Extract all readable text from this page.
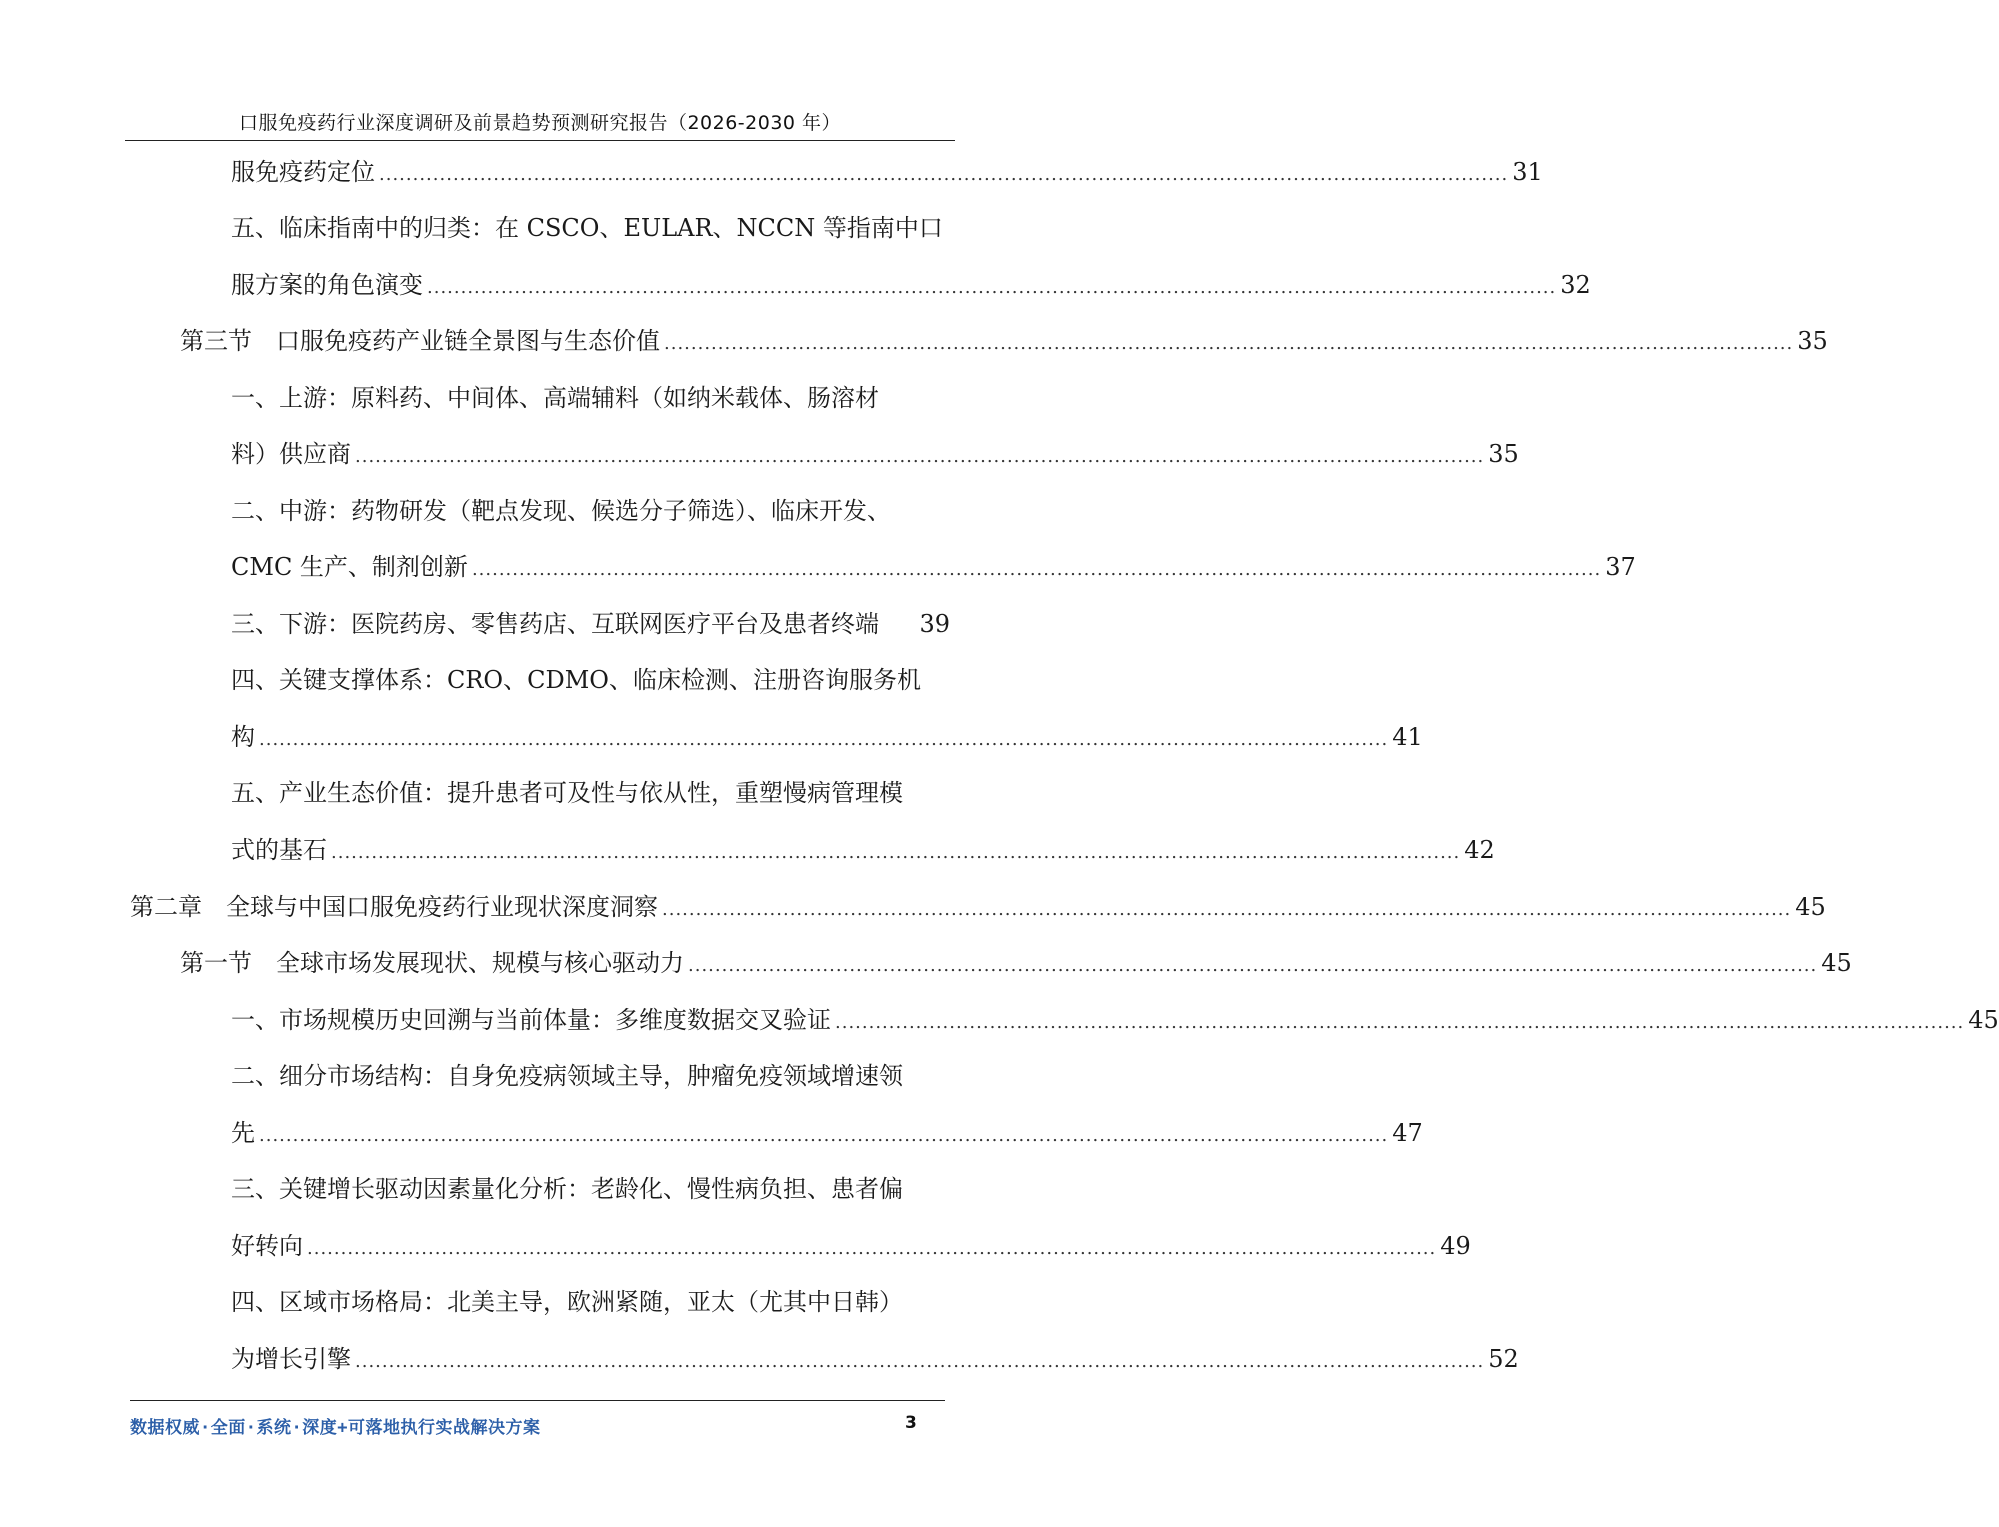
口服免疫药行业深度调研及前景趋势预测研究报告（2026-2030 年）
服免疫药定位 ........................................................................................................................................................................ 31
五、临床指南中的归类：在 CSCO、EULAR、NCCN 等指南中口
服方案的角色演变 ........................................................................................................................................................................ 32
第三节　口服免疫药产业链全景图与生态价值 ........................................................................................................................................................................ 35
一、上游：原料药、中间体、高端辅料（如纳米载体、肠溶材
料）供应商 ........................................................................................................................................................................ 35
二、中游：药物研发（靶点发现、候选分子筛选）、临床开发、
CMC 生产、制剂创新 ........................................................................................................................................................................ 37
三、下游：医院药房、零售药店、互联网医疗平台及患者终端 39
四、关键支撑体系：CRO、CDMO、临床检测、注册咨询服务机
构 ........................................................................................................................................................................ 41
五、产业生态价值：提升患者可及性与依从性，重塑慢病管理模
式的基石 ........................................................................................................................................................................ 42
第二章　全球与中国口服免疫药行业现状深度洞察 ........................................................................................................................................................................ 45
第一节　全球市场发展现状、规模与核心驱动力 ........................................................................................................................................................................ 45
一、市场规模历史回溯与当前体量：多维度数据交叉验证 ........................................................................................................................................................................ 45
二、细分市场结构：自身免疫病领域主导，肿瘤免疫领域增速领
先 ........................................................................................................................................................................ 47
三、关键增长驱动因素量化分析：老龄化、慢性病负担、患者偏
好转向 ........................................................................................................................................................................ 49
四、区域市场格局：北美主导，欧洲紧随，亚太（尤其中日韩）
为增长引擎 ........................................................................................................................................................................ 52
数据权威·全面·系统·深度+可落地执行实战解决方案	3
